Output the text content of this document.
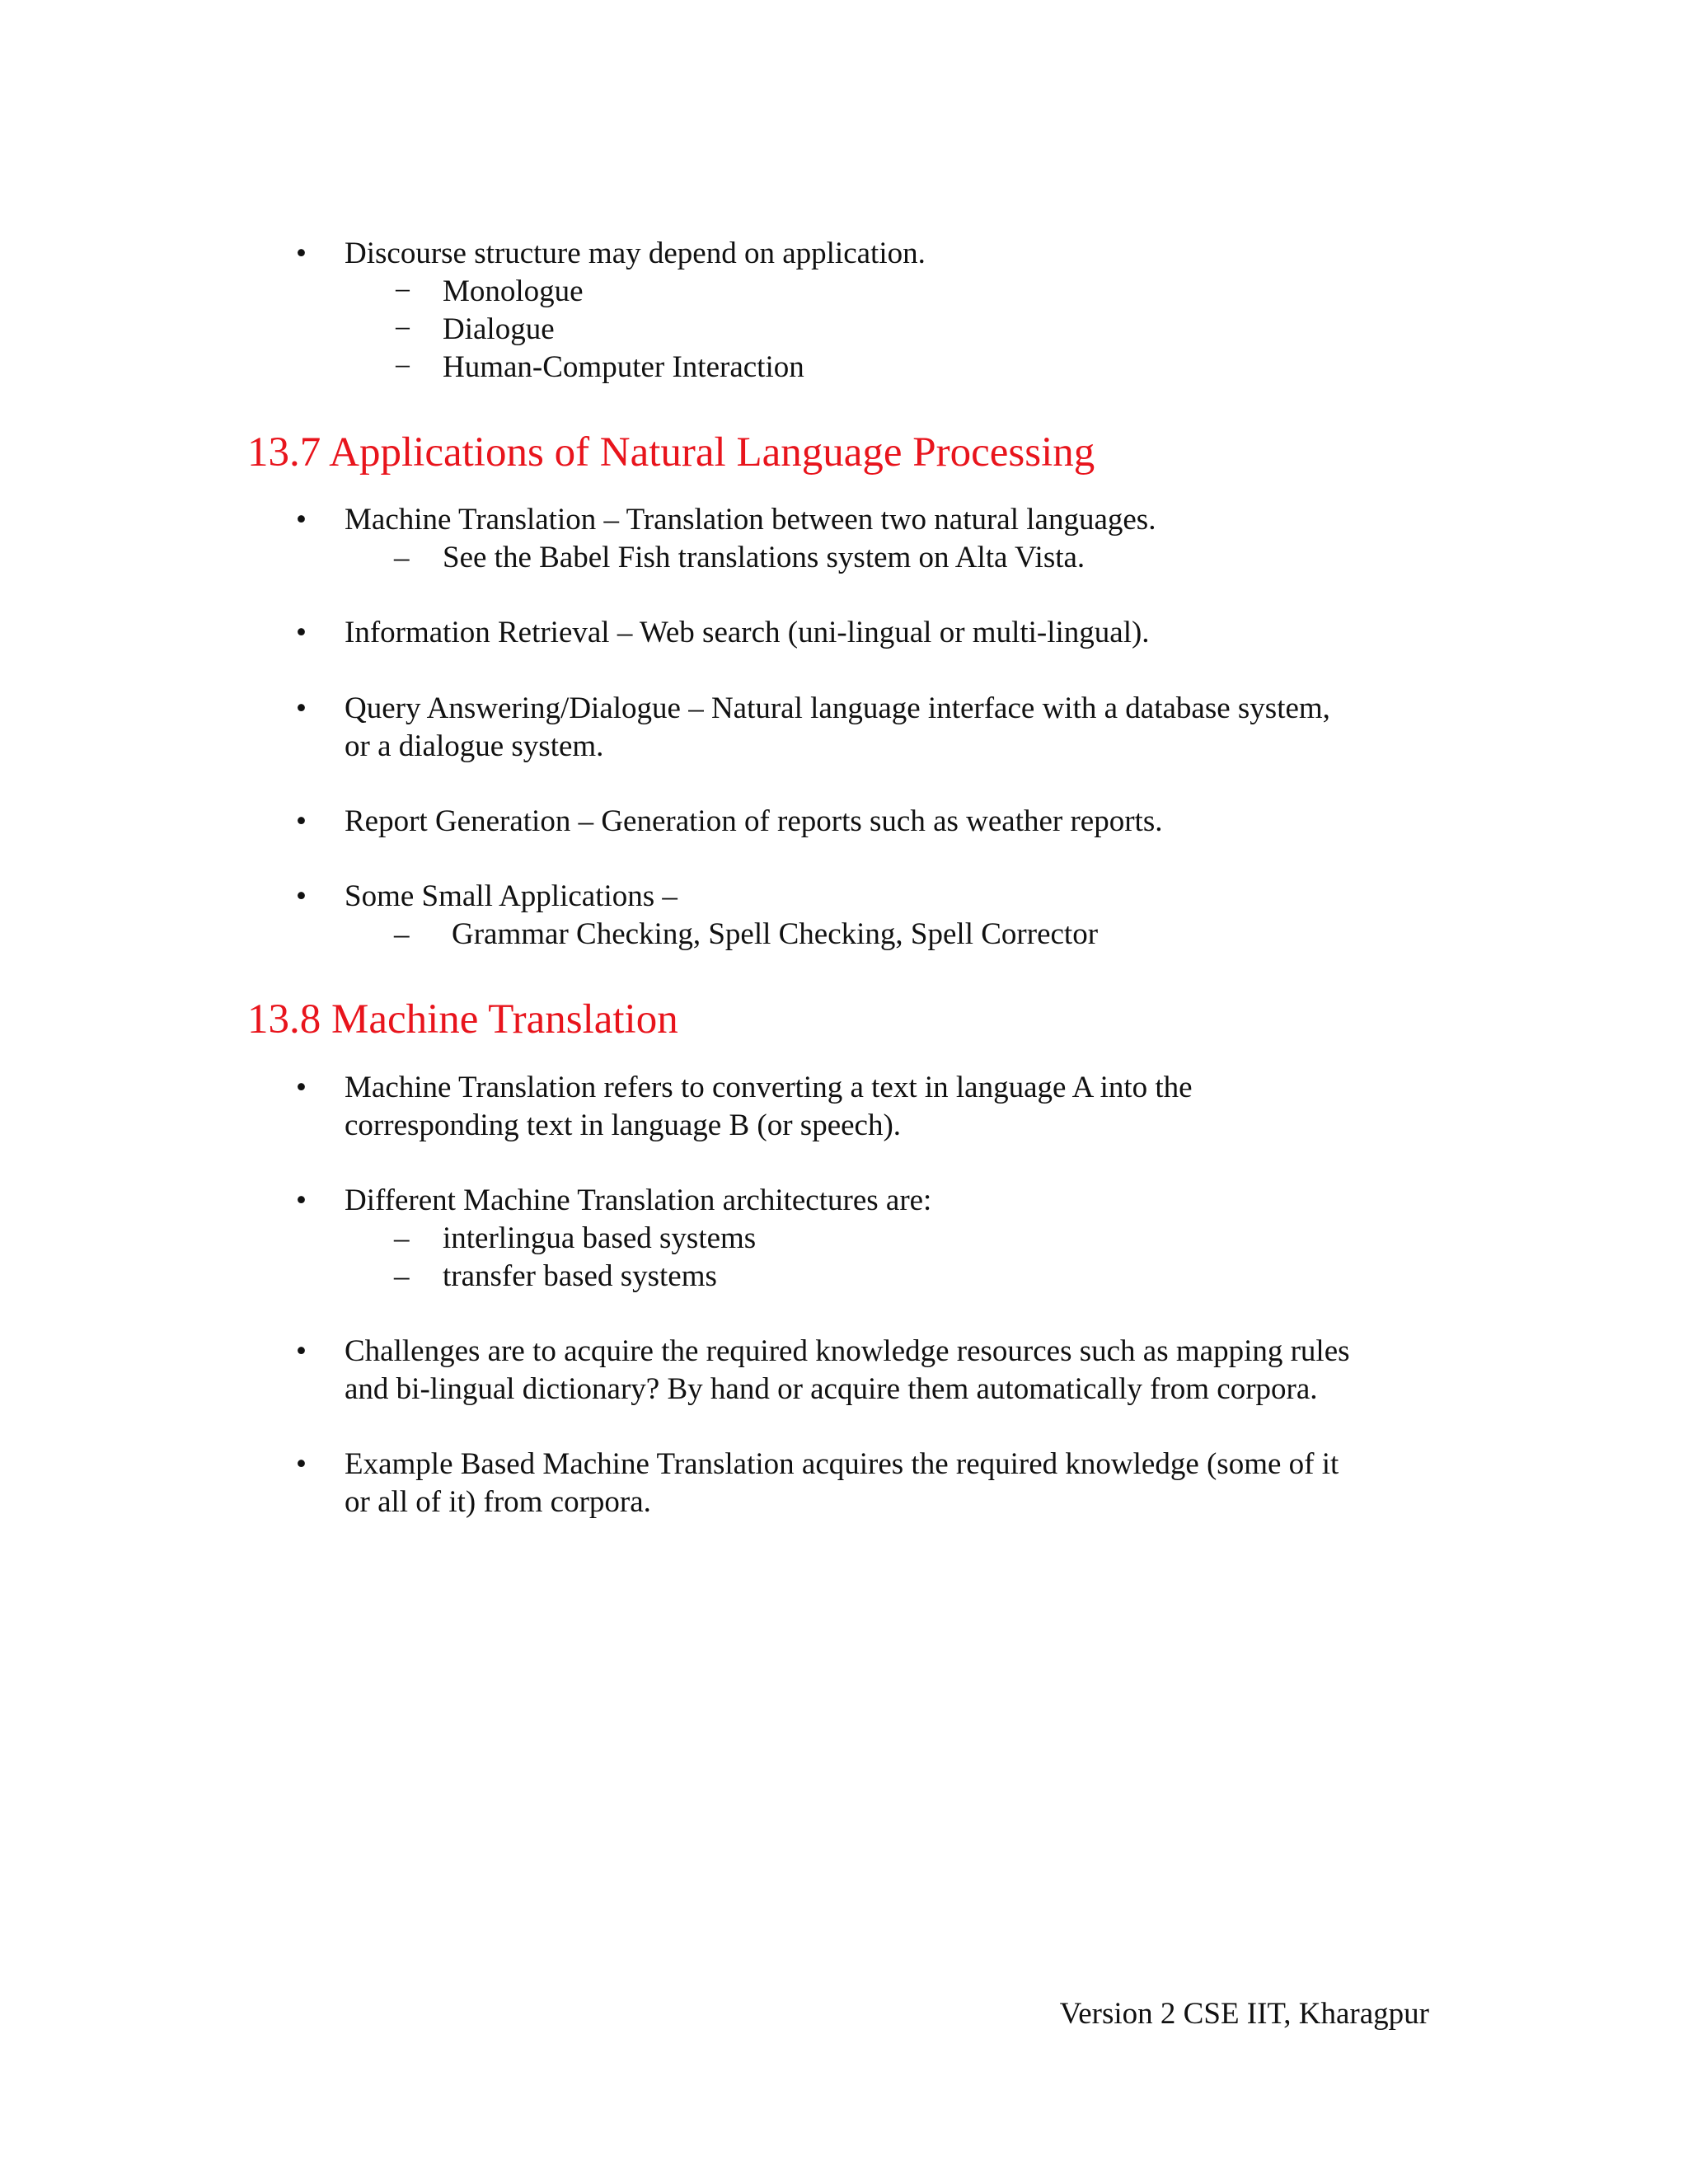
• Discourse structure may depend on application.
− Monologue
− Dialogue
− Human-Computer Interaction
13.7 Applications of Natural Language Processing
• Machine Translation – Translation between two natural languages.
– See the Babel Fish translations system on Alta Vista.
• Information Retrieval – Web search (uni-lingual or multi-lingual).
• Query Answering/Dialogue – Natural language interface with a database system,
or a dialogue system.
• Report Generation – Generation of reports such as weather reports.
• Some Small Applications –
– Grammar Checking, Spell Checking, Spell Corrector
13.8 Machine Translation
• Machine Translation refers to converting a text in language A into the
corresponding text in language B (or speech).
• Different Machine Translation architectures are:
– interlingua based systems
– transfer based systems
• Challenges are to acquire the required knowledge resources such as mapping rules
and bi-lingual dictionary? By hand or acquire them automatically from corpora.
• Example Based Machine Translation acquires the required knowledge (some of it
or all of it) from corpora.
Version 2 CSE IIT, Kharagpur
